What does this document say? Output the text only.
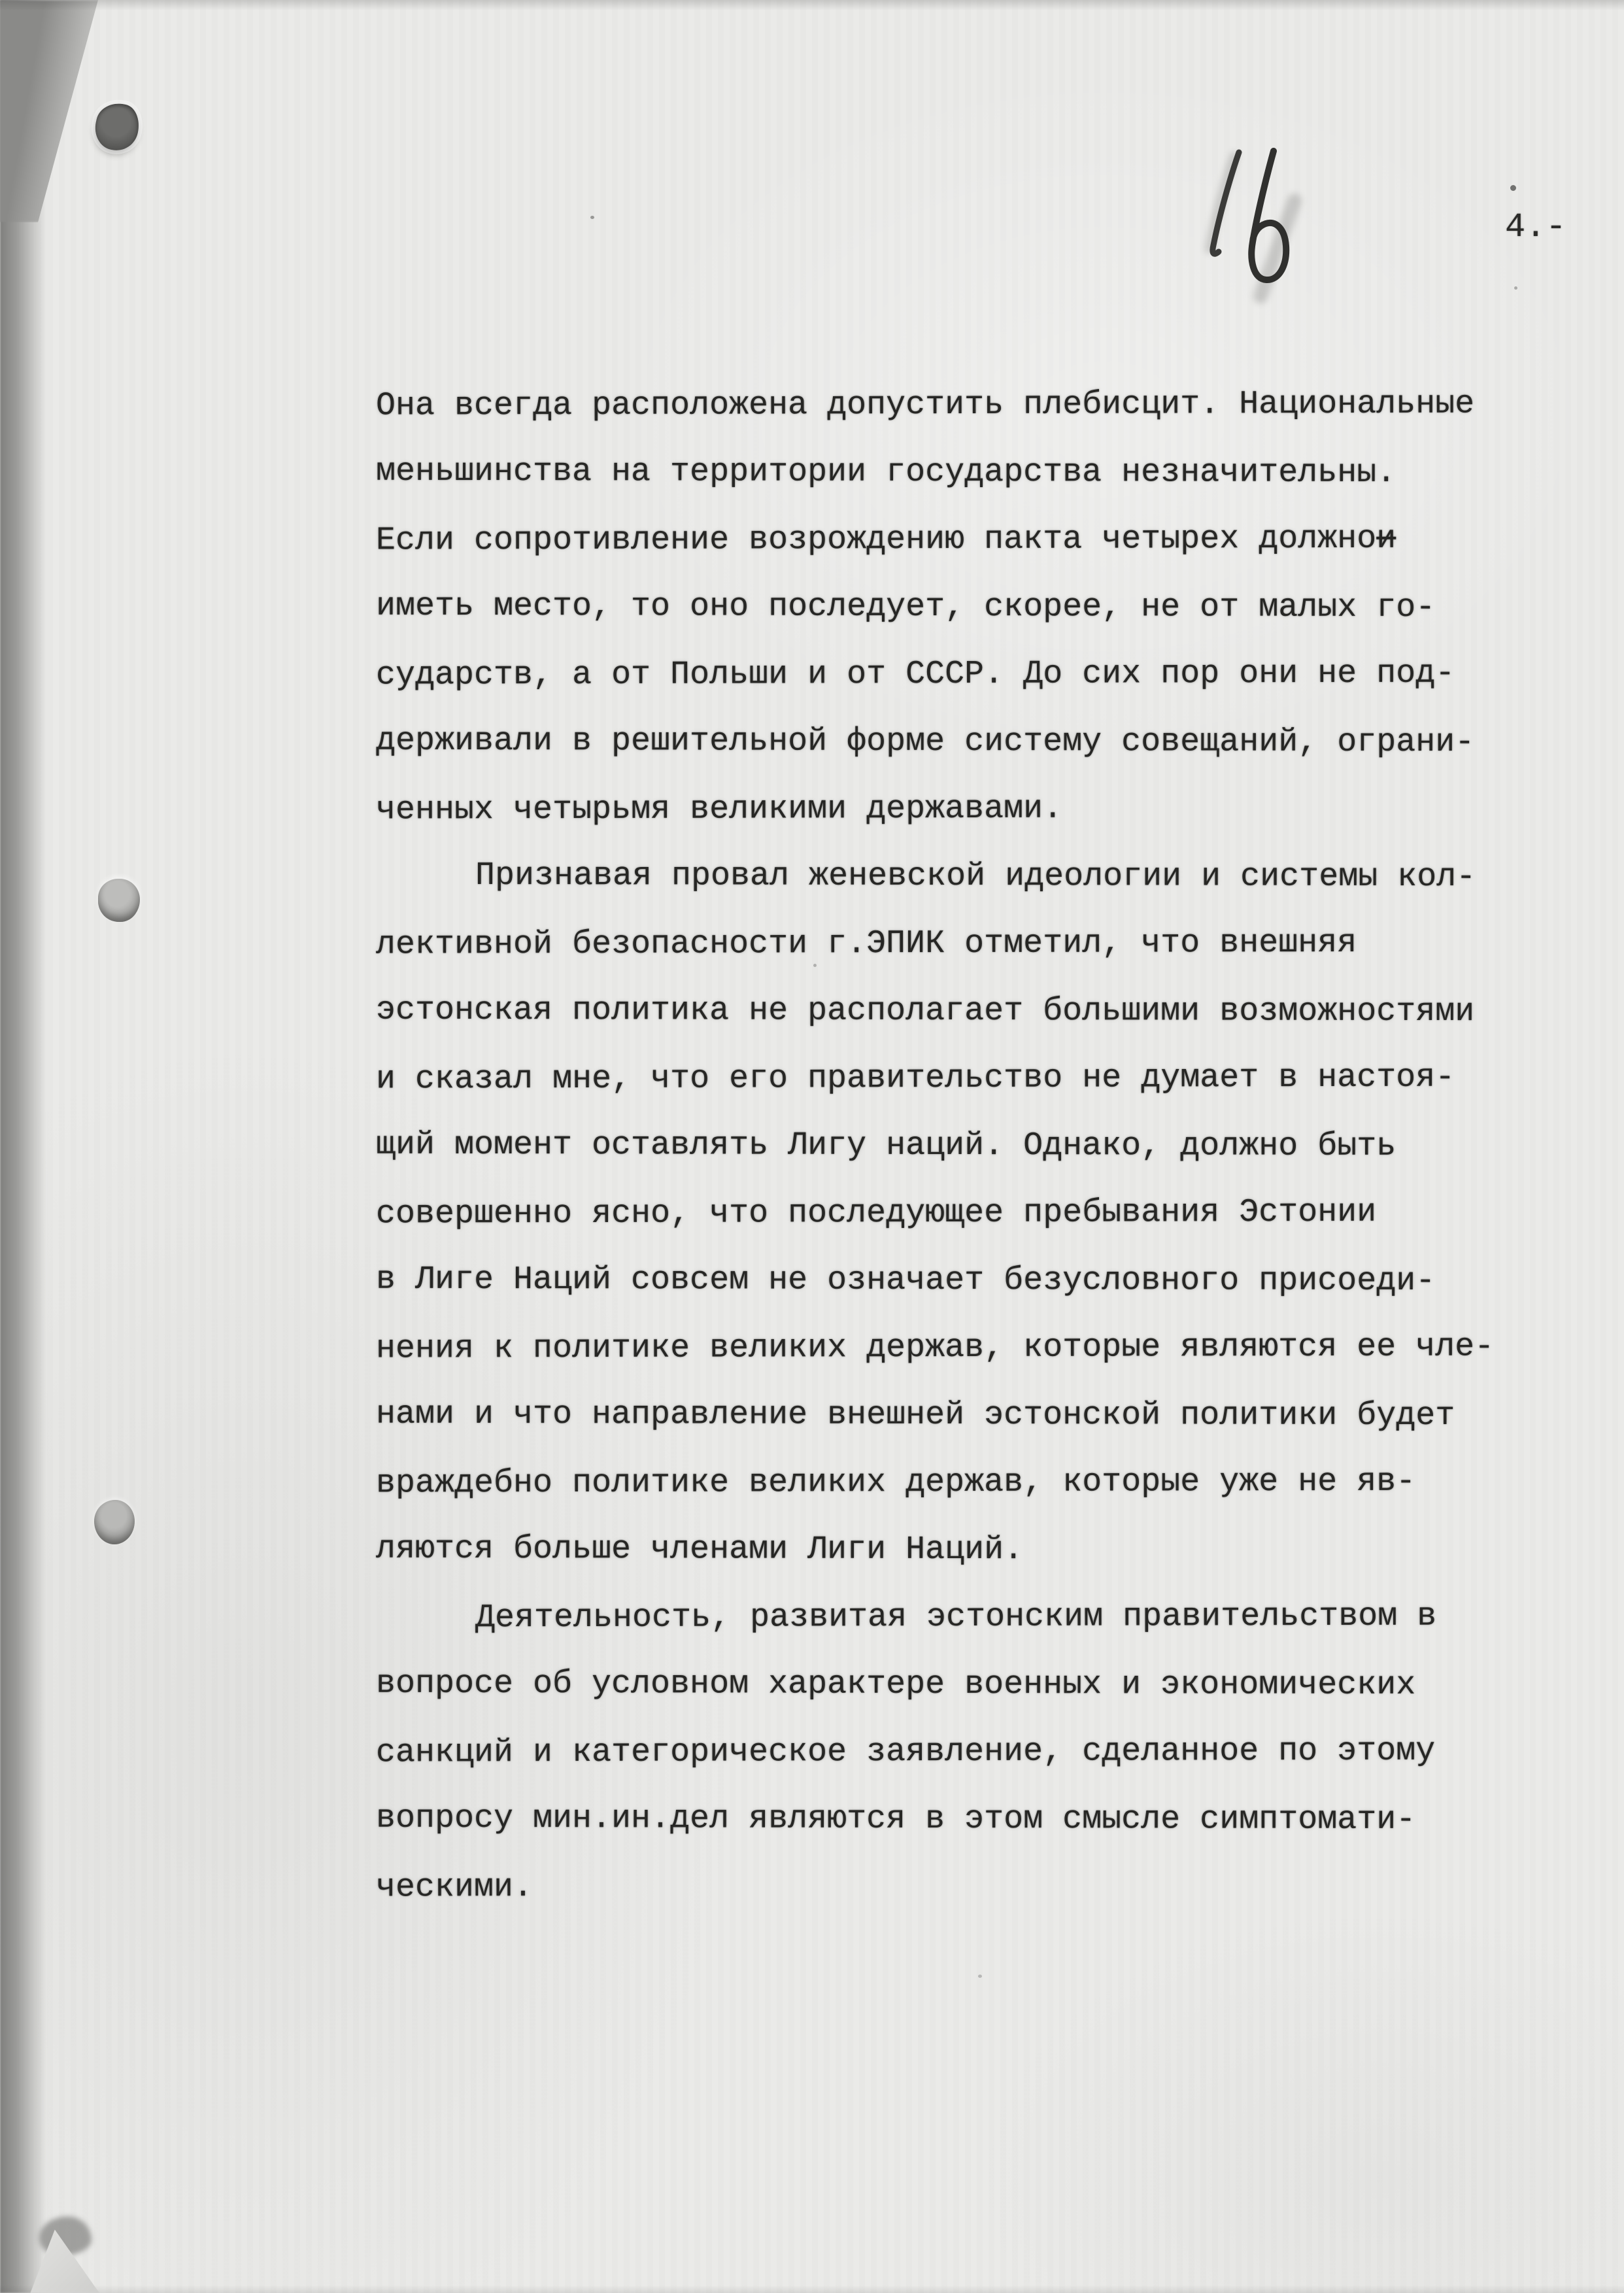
4.-
Она всегда расположена допустить плебисцит. Национальные
меньшинства на территории государства незначительны.
Если сопротивление возрождению пакта четырех должнои
иметь место, то оно последует, скорее, не от малых го-
сударств, а от Польши и от СССР. До сих пор они не под-
держивали в решительной форме систему совещаний, ограни-
ченных четырьмя великими державами.
Признавая провал женевской идеологии и системы кол-
лективной безопасности г.ЭПИК отметил, что внешняя
эстонская политика не располагает большими возможностями
и сказал мне, что его правительство не думает в настоя-
щий момент оставлять Лигу наций. Однако, должно быть
совершенно ясно, что последующее пребывания Эстонии
в Лиге Наций совсем не означает безусловного присоеди-
нения к политике великих держав, которые являются ее чле-
нами и что направление внешней эстонской политики будет
враждебно политике великих держав, которые уже не яв-
ляются больше членами Лиги Наций.
Деятельность, развитая эстонским правительством в
вопросе об условном характере военных и экономических
санкций и категорическое заявление, сделанное по этому
вопросу мин.ин.дел являются в этом смысле симптомати-
ческими.
